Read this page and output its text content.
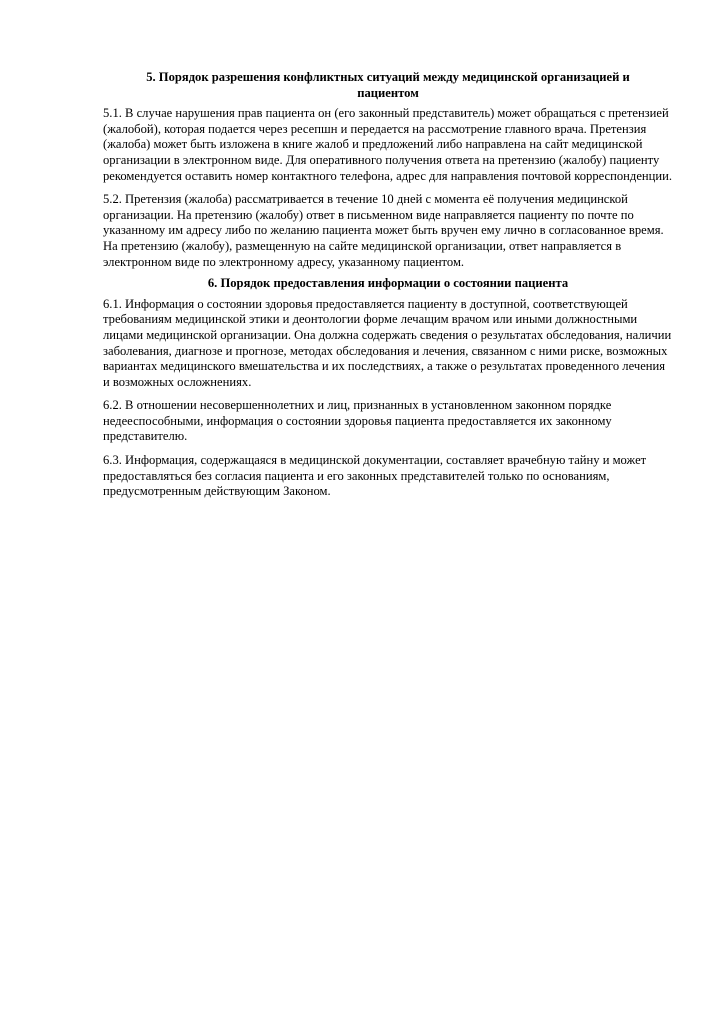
5. Порядок разрешения конфликтных ситуаций между медицинской организацией и пациентом

5.1. В случае нарушения прав пациента он (его законный представитель) может обращаться с претензией (жалобой), которая подается через ресепшн и передается на рассмотрение главного врача. Претензия (жалоба) может быть изложена в книге жалоб и предложений либо направлена на сайт медицинской организации в электронном виде. Для оперативного получения ответа на претензию (жалобу) пациенту рекомендуется оставить номер контактного телефона, адрес для направления почтовой корреспонденции.

5.2. Претензия (жалоба) рассматривается в течение 10 дней с момента её получения медицинской организации. На претензию (жалобу) ответ в письменном виде направляется пациенту по почте по указанному им адресу либо по желанию пациента может быть вручен ему лично в согласованное время. На претензию (жалобу), размещенную на сайте медицинской организации, ответ направляется в электронном виде по электронному адресу, указанному пациентом.

6. Порядок предоставления информации о состоянии пациента

6.1. Информация о состоянии здоровья предоставляется пациенту в доступной, соответствующей требованиям медицинской этики и деонтологии форме лечащим врачом или иными должностными лицами медицинской организации. Она должна содержать сведения о результатах обследования, наличии заболевания, диагнозе и прогнозе, методах обследования и лечения, связанном с ними риске, возможных вариантах медицинского вмешательства и их последствиях, а также о результатах проведенного лечения и возможных осложнениях.

6.2. В отношении несовершеннолетних и лиц, признанных в установленном законном порядке недееспособными, информация о состоянии здоровья пациента предоставляется их законному представителю.

6.3. Информация, содержащаяся в медицинской документации, составляет врачебную тайну и может предоставляться без согласия пациента и его законных представителей только по основаниям, предусмотренным действующим Законом.
